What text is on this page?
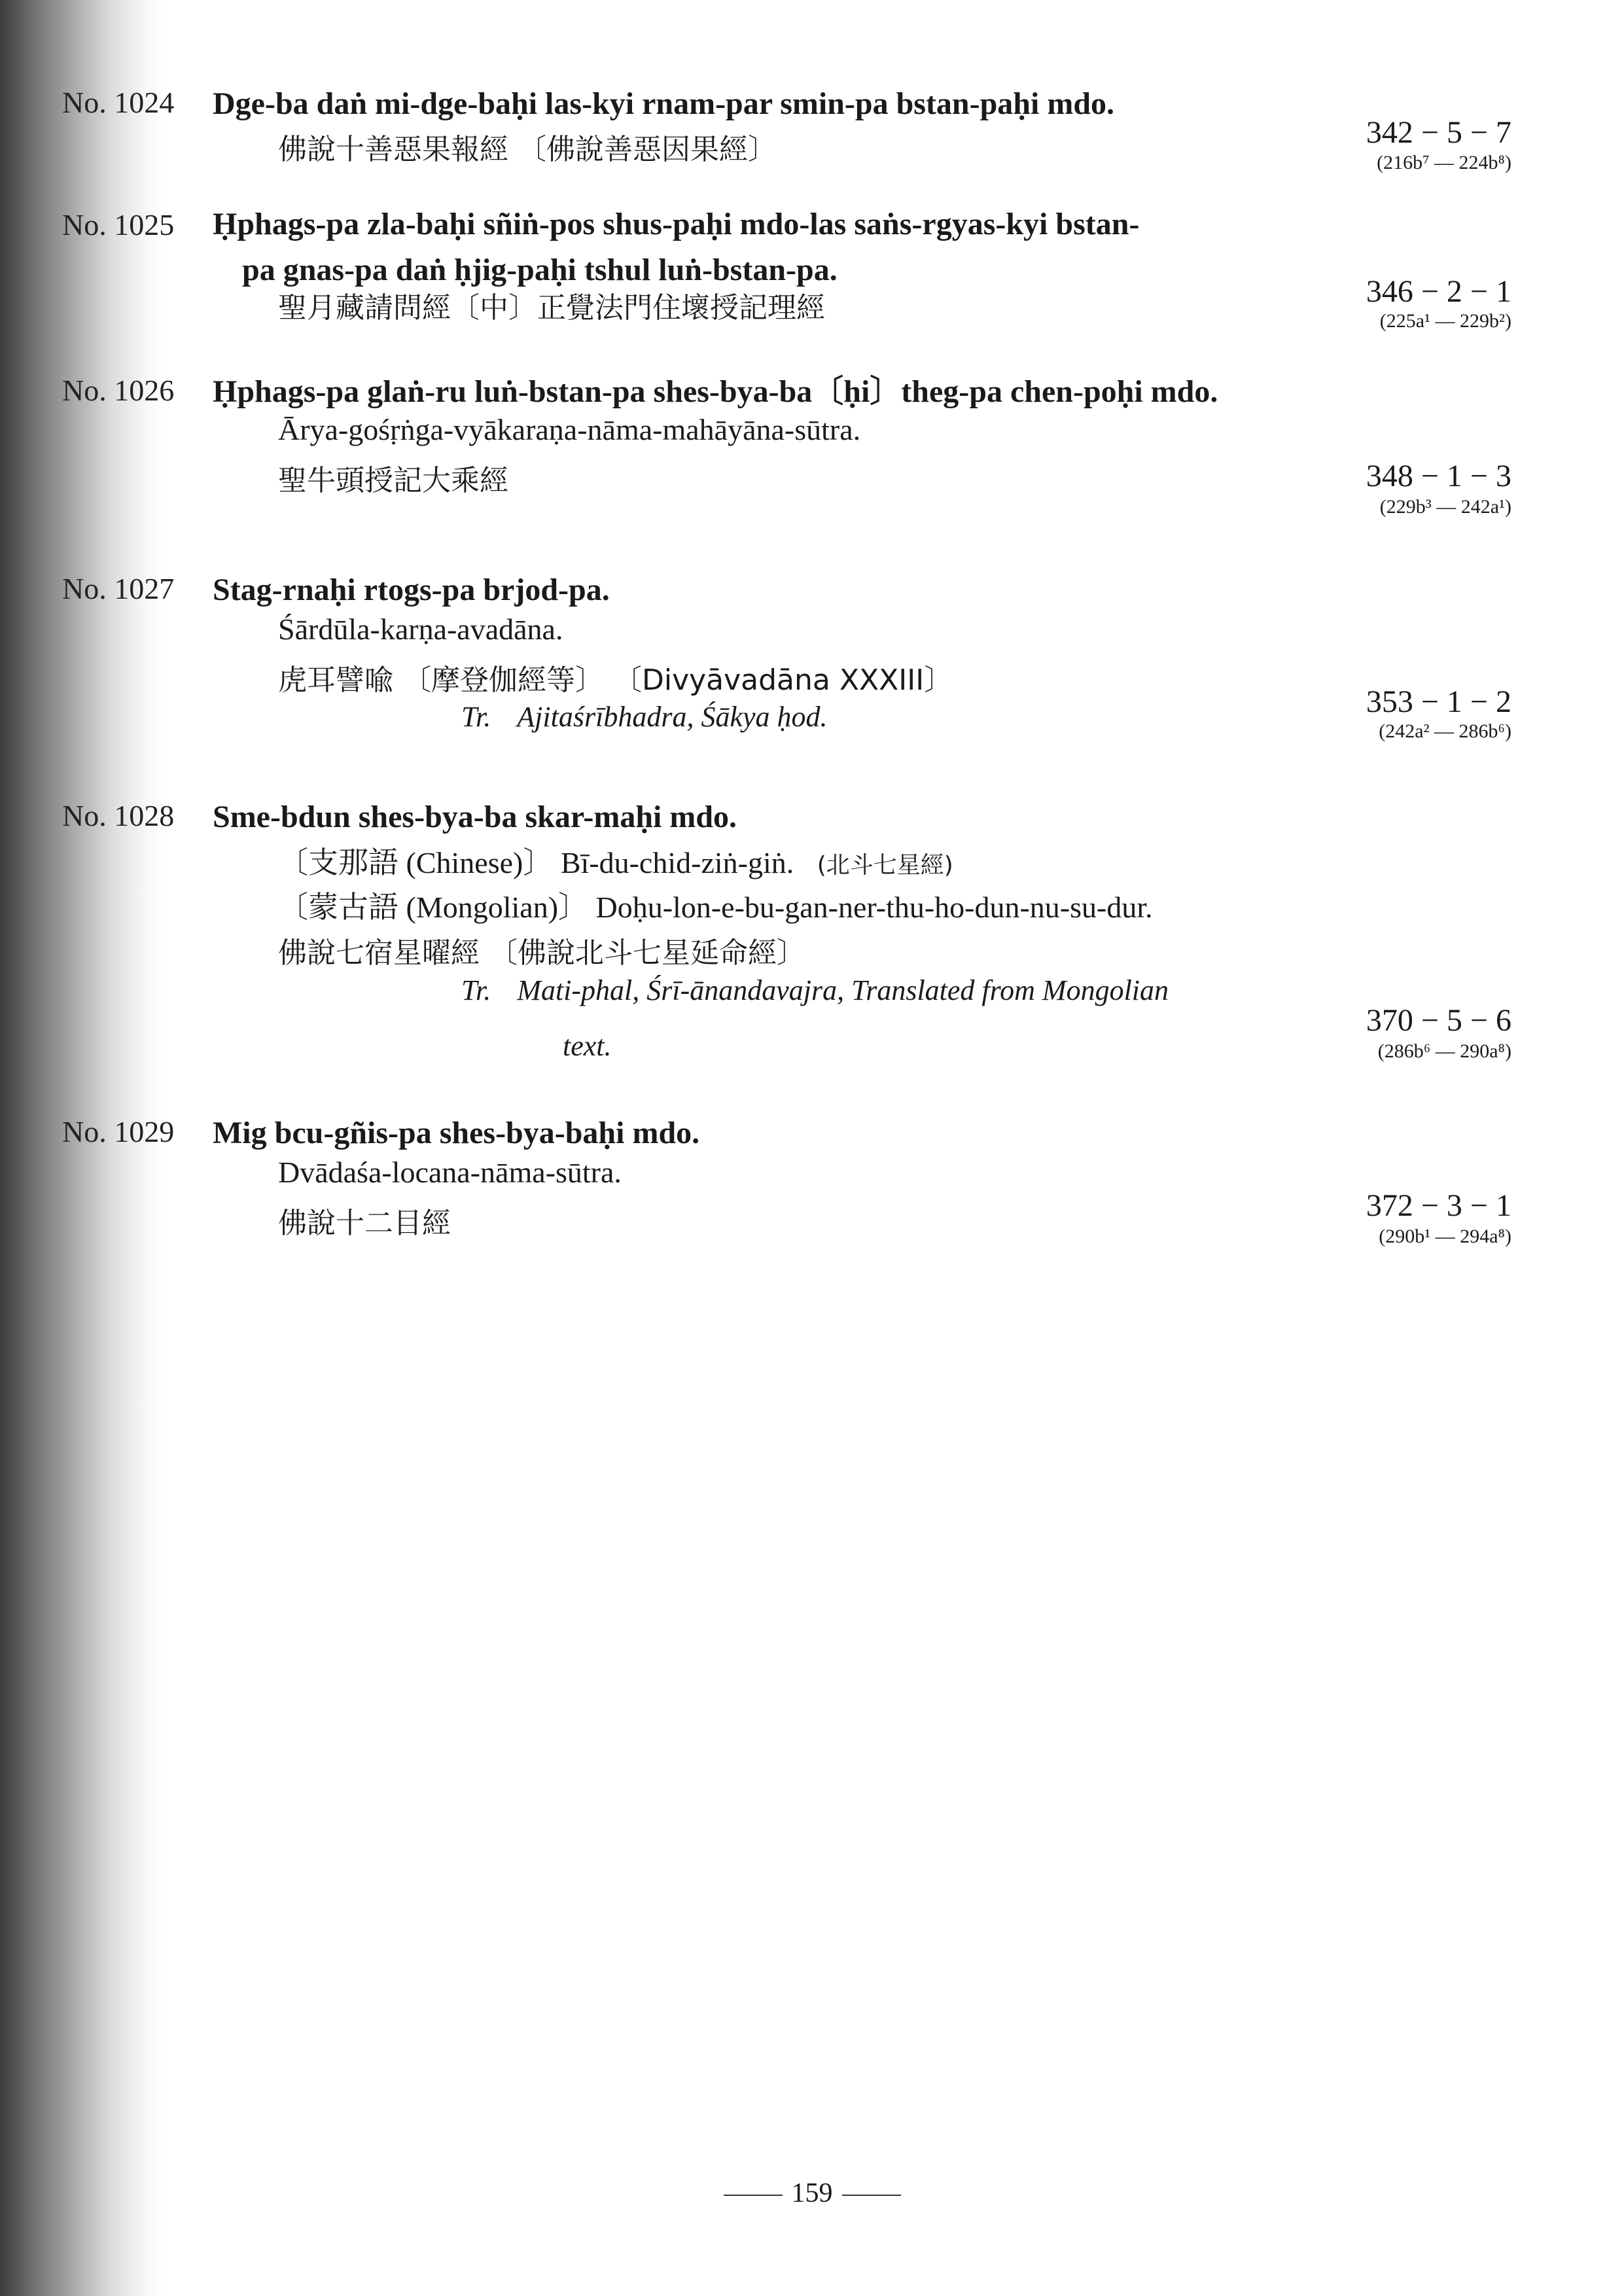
No. 1024 Dge-ba daṅ mi-dge-baḥi las-kyi rnam-par smin-pa bstan-paḥi mdo.
佛說十善惡果報經 〔佛說善惡因果經〕	342 − 5 − 7
(216b⁷ — 224b⁸)
No. 1025 Ḥphags-pa zla-baḥi sñiṅ-pos shus-paḥi mdo-las saṅs-rgyas-kyi bstan-
pa gnas-pa daṅ ḥjig-paḥi tshul luṅ-bstan-pa.
聖月藏請問經〔中〕正覺法門住壞授記理經	346 − 2 − 1
(225a¹ — 229b²)
No. 1026 Ḥphags-pa glaṅ-ru luṅ-bstan-pa shes-bya-ba〔ḥi〕theg-pa chen-poḥi mdo.
Ārya-gośṛṅga-vyākaraṇa-nāma-mahāyāna-sūtra.
聖牛頭授記大乘經	348 − 1 − 3
(229b³ — 242a¹)
No. 1027 Stag-rnaḥi rtogs-pa brjod-pa.
Śārdūla-karṇa-avadāna.
虎耳譬喩 〔摩登伽經等〕 〔Divyāvadāna XXXIII〕
Tr. Ajitaśrībhadra, Śākya ḥod.	353 − 1 − 2
(242a² — 286b⁶)
No. 1028 Sme-bdun shes-bya-ba skar-maḥi mdo.
〔支那語 (Chinese)〕 Bī-du-chid-ziṅ-giṅ. (北斗七星經)
〔蒙古語 (Mongolian)〕 Doḥu-lon-e-bu-gan-ner-thu-ho-dun-nu-su-dur.
佛說七宿星曜經 〔佛說北斗七星延命經〕
Tr. Mati-phal, Śrī-ānandavajra, Translated from Mongolian
text.
370 − 5 − 6
(286b⁶ — 290a⁸)
No. 1029 Mig bcu-gñis-pa shes-bya-baḥi mdo.
Dvādaśa-locana-nāma-sūtra.
佛說十二目經
372 − 3 − 1
(290b¹ — 294a⁸)
159
